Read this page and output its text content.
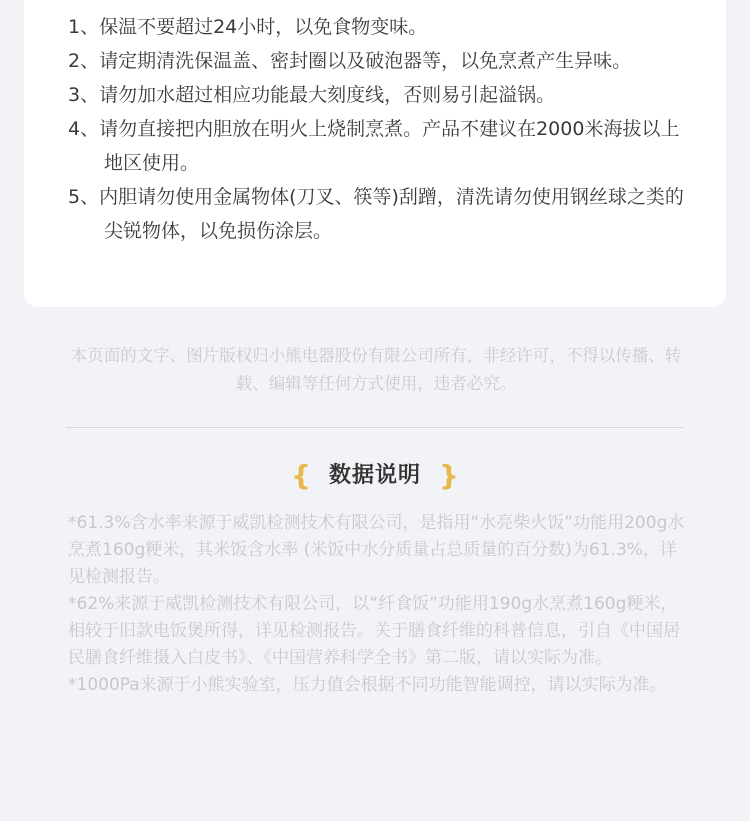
1、保温不要超过24小时，以免食物变味。
2、请定期清洗保温盖、密封圈以及破泡器等，以免烹煮产生异味。
3、请勿加水超过相应功能最大刻度线，否则易引起溢锅。
4、请勿直接把内胆放在明火上烧制烹煮。产品不建议在2000米海拔以上地区使用。
5、内胆请勿使用金属物体(刀叉、筷等)刮蹭，清洗请勿使用钢丝球之类的尖锐物体，以免损伤涂层。
本页面的文字、图片版权归小熊电器股份有限公司所有，非经许可，不得以传播、转载、编辑等任何方式使用，违者必究。
{ 数据说明 }

*61.3%含水率来源于威凯检测技术有限公司，是指用“水亮柴火饭”功能用200g水烹煮160g粳米，其米饭含水率 (米饭中水分质量占总质量的百分数)为61.3%，详见检测报告。

*62%来源于威凯检测技术有限公司，以“纤食饭”功能用190g水烹煮160g粳米，相较于旧款电饭煲所得，详见检测报告。关于膳食纤维的科普信息，引自《中国居民膳食纤维摄入白皮书》、《中国营养科学全书》第二版，请以实际为准。

*1000Pa来源于小熊实验室，压力值会根据不同功能智能调控，请以实际为准。
